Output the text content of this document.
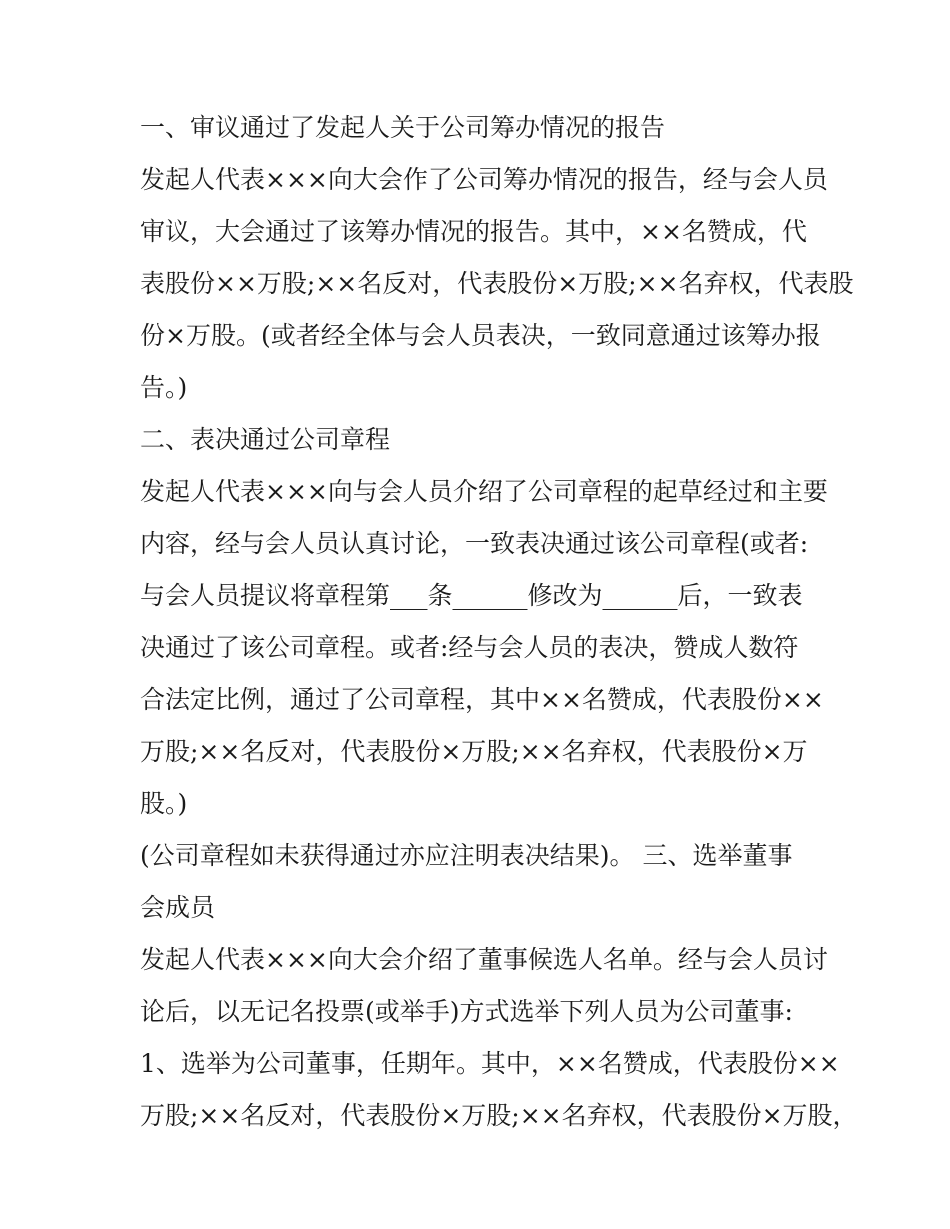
一、审议通过了发起人关于公司筹办情况的报告
发起人代表×××向大会作了公司筹办情况的报告，经与会人员
审议，大会通过了该筹办情况的报告。其中，××名赞成，代
表股份××万股;××名反对，代表股份×万股;××名弃权，代表股
份×万股。(或者经全体与会人员表决，一致同意通过该筹办报
告。)
二、表决通过公司章程
发起人代表×××向与会人员介绍了公司章程的起草经过和主要
内容，经与会人员认真讨论，一致表决通过该公司章程(或者:
与会人员提议将章程第___条______修改为______后，一致表
决通过了该公司章程。或者:经与会人员的表决，赞成人数符
合法定比例，通过了公司章程，其中××名赞成，代表股份××
万股;××名反对，代表股份×万股;××名弃权，代表股份×万
股。)
(公司章程如未获得通过亦应注明表决结果)。 三、选举董事
会成员
发起人代表×××向大会介绍了董事候选人名单。经与会人员讨
论后，以无记名投票(或举手)方式选举下列人员为公司董事:
1、选举为公司董事，任期年。其中，××名赞成，代表股份××
万股;××名反对，代表股份×万股;××名弃权，代表股份×万股，
